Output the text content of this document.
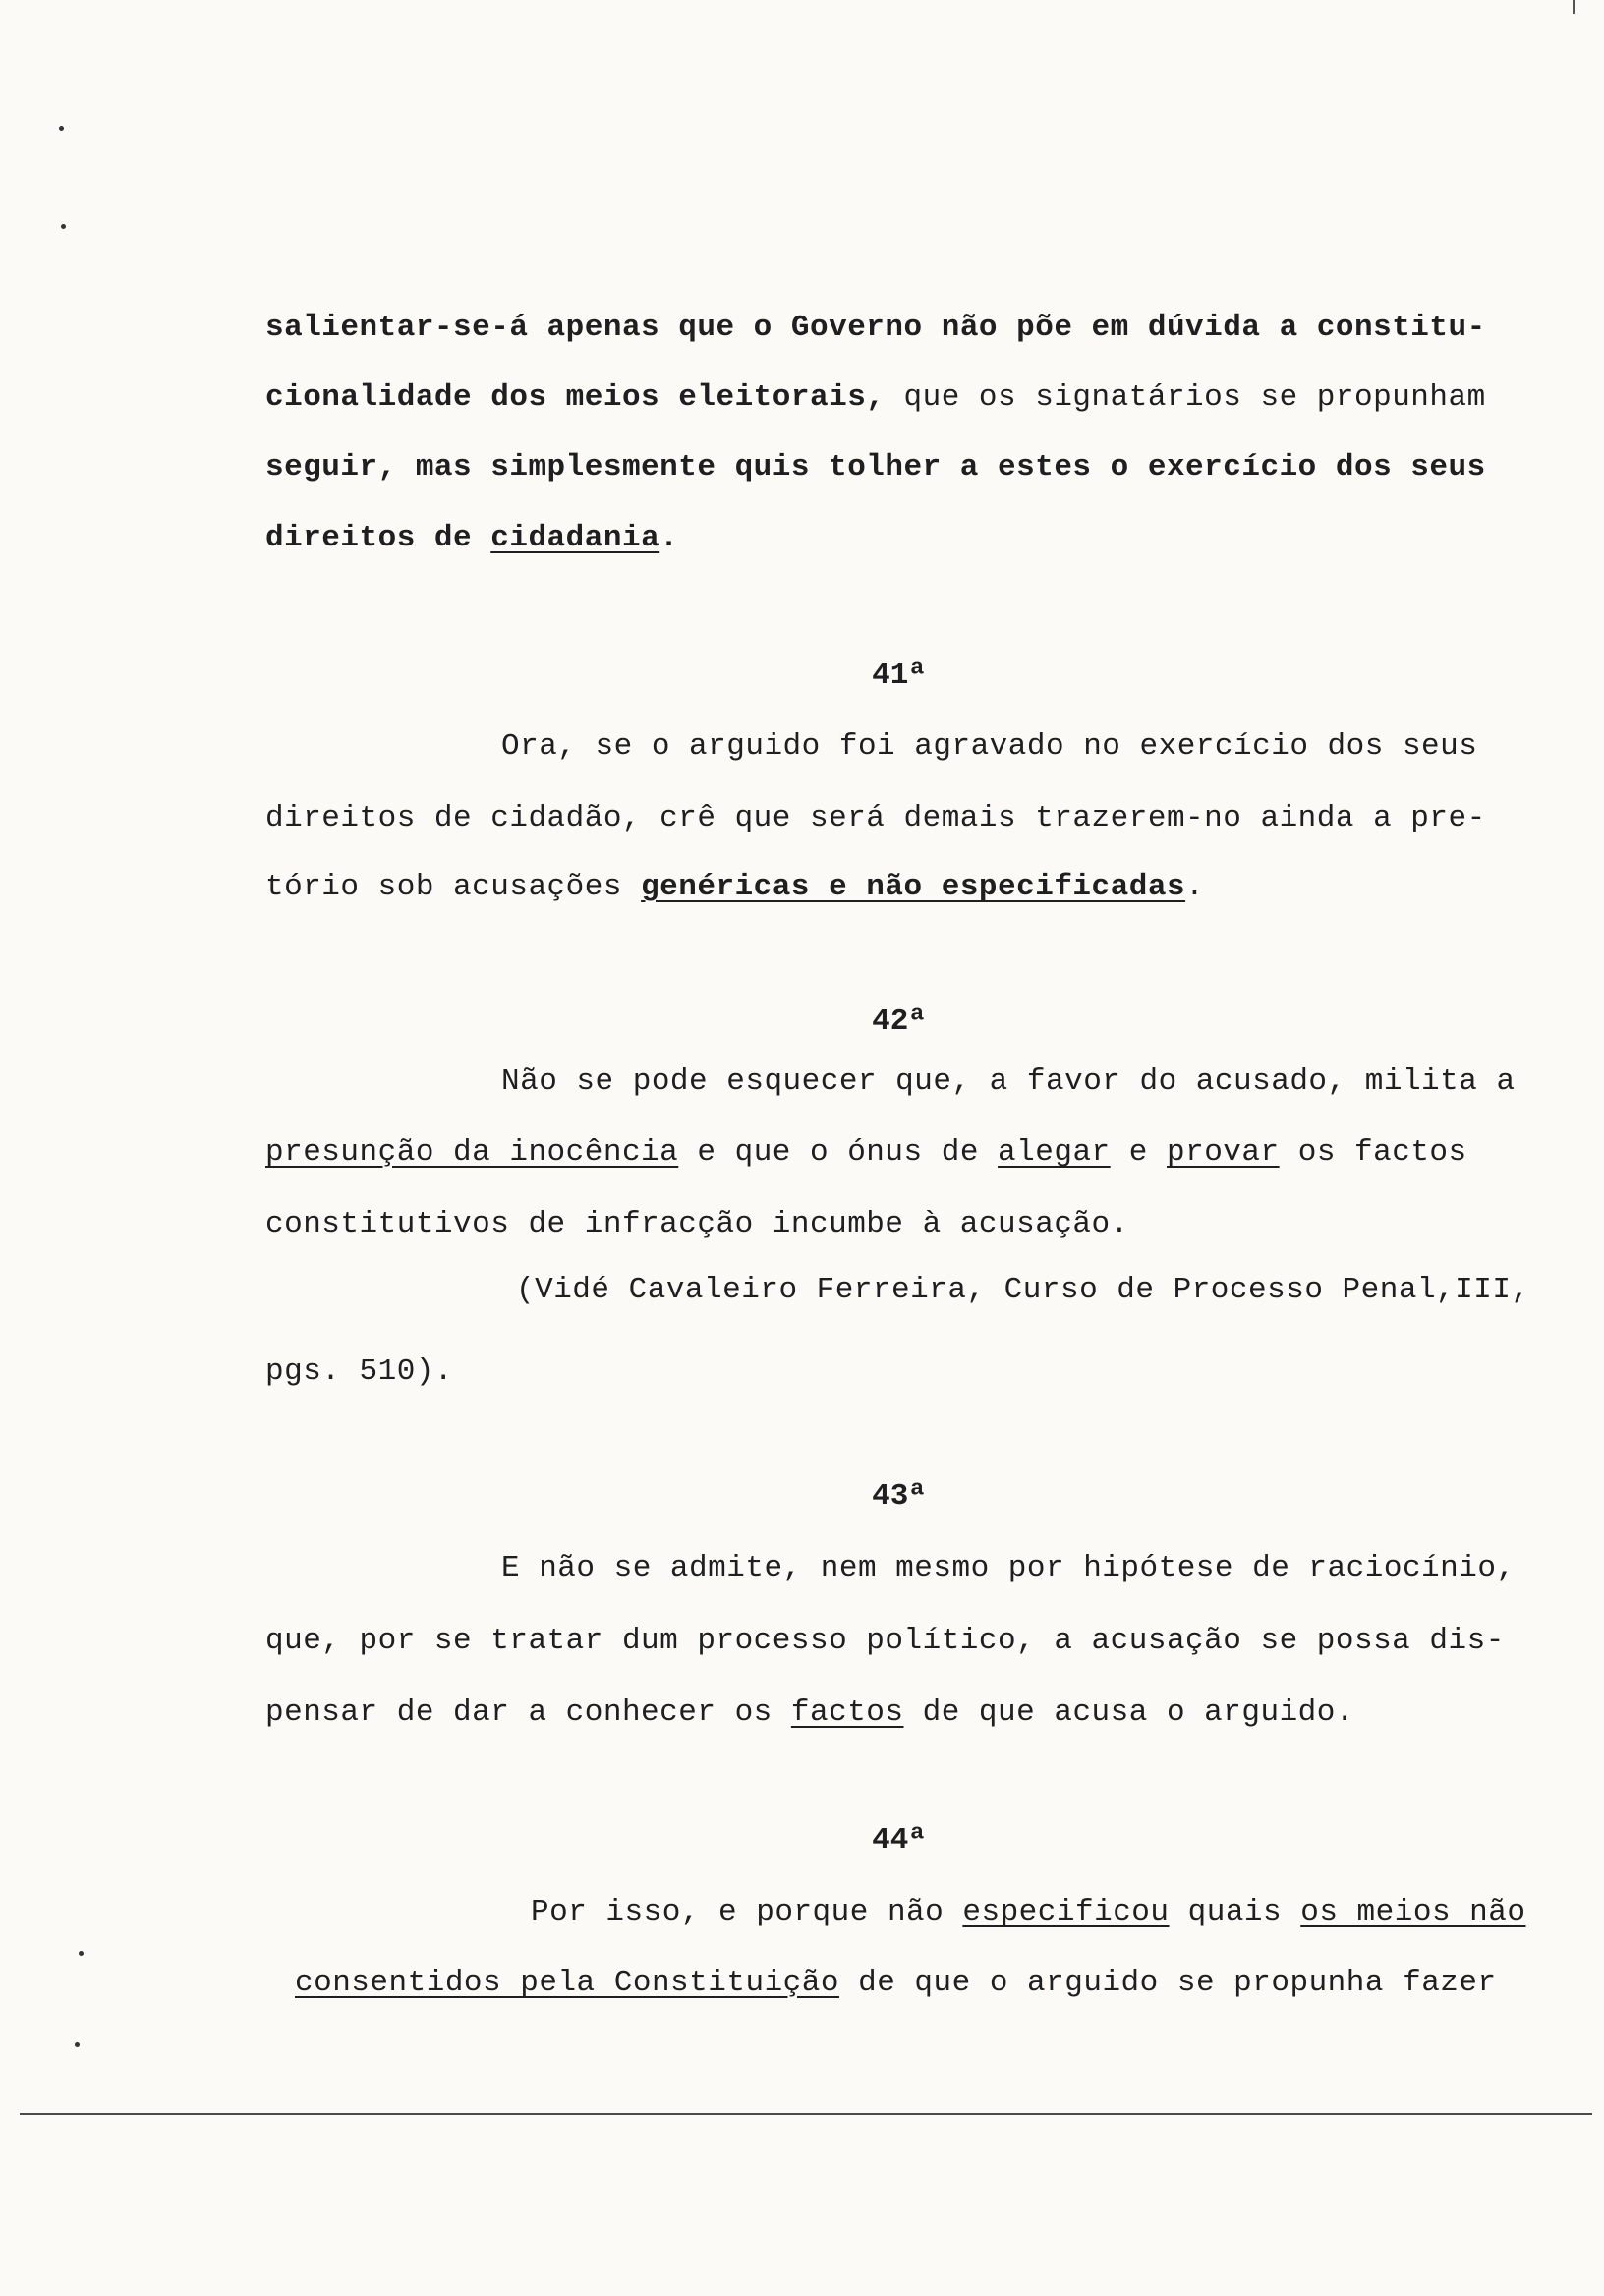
salientar-se-á apenas que o Governo não põe em dúvida a constitu-
cionalidade dos meios eleitorais, que os signatários se propunham
seguir, mas simplesmente quis tolher a estes o exercício dos seus
direitos de cidadania.
41ª
Ora, se o arguido foi agravado no exercício dos seus
direitos de cidadão, crê que será demais trazerem-no ainda a pre-
tório sob acusações genéricas e não especificadas.
42ª
Não se pode esquecer que, a favor do acusado, milita a
presunção da inocência e que o ónus de alegar e provar os factos
constitutivos de infracção incumbe à acusação.
(Vidé Cavaleiro Ferreira, Curso de Processo Penal,III,
pgs. 510).
43ª
E não se admite, nem mesmo por hipótese de raciocínio,
que, por se tratar dum processo político, a acusação se possa dis-
pensar de dar a conhecer os factos de que acusa o arguido.
44ª
Por isso, e porque não especificou quais os meios não
consentidos pela Constituição de que o arguido se propunha fazer
